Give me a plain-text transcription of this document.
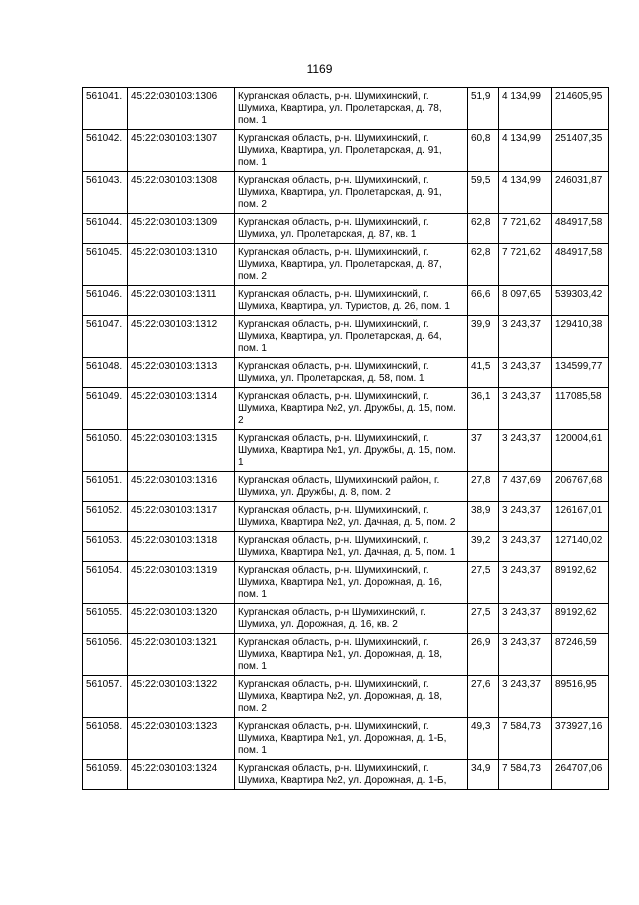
1169
561041.	45:22:030103:1306	Курганская область, р-н. Шумихинский, г. Шумиха, Квартира, ул. Пролетарская, д. 78, пом. 1	51,9	4 134,99	214605,95
561042.	45:22:030103:1307	Курганская область, р-н. Шумихинский, г. Шумиха, Квартира, ул. Пролетарская, д. 91, пом. 1	60,8	4 134,99	251407,35
561043.	45:22:030103:1308	Курганская область, р-н. Шумихинский, г. Шумиха, Квартира, ул. Пролетарская, д. 91, пом. 2	59,5	4 134,99	246031,87
561044.	45:22:030103:1309	Курганская область, р-н. Шумихинский, г. Шумиха, ул. Пролетарская, д. 87, кв. 1	62,8	7 721,62	484917,58
561045.	45:22:030103:1310	Курганская область, р-н. Шумихинский, г. Шумиха, Квартира, ул. Пролетарская, д. 87, пом. 2	62,8	7 721,62	484917,58
561046.	45:22:030103:1311	Курганская область, р-н. Шумихинский, г. Шумиха, Квартира, ул. Туристов, д. 26, пом. 1	66,6	8 097,65	539303,42
561047.	45:22:030103:1312	Курганская область, р-н. Шумихинский, г. Шумиха, Квартира, ул. Пролетарская, д. 64, пом. 1	39,9	3 243,37	129410,38
561048.	45:22:030103:1313	Курганская область, р-н. Шумихинский, г. Шумиха, ул. Пролетарская, д. 58, пом. 1	41,5	3 243,37	134599,77
561049.	45:22:030103:1314	Курганская область, р-н. Шумихинский, г. Шумиха, Квартира №2, ул. Дружбы, д. 15, пом. 2	36,1	3 243,37	117085,58
561050.	45:22:030103:1315	Курганская область, р-н. Шумихинский, г. Шумиха, Квартира №1, ул. Дружбы, д. 15, пом. 1	37	3 243,37	120004,61
561051.	45:22:030103:1316	Курганская область, Шумихинский район, г. Шумиха, ул. Дружбы, д. 8, пом. 2	27,8	7 437,69	206767,68
561052.	45:22:030103:1317	Курганская область, р-н. Шумихинский, г. Шумиха, Квартира №2, ул. Дачная, д. 5, пом. 2	38,9	3 243,37	126167,01
561053.	45:22:030103:1318	Курганская область, р-н. Шумихинский, г. Шумиха, Квартира №1, ул. Дачная, д. 5, пом. 1	39,2	3 243,37	127140,02
561054.	45:22:030103:1319	Курганская область, р-н. Шумихинский, г. Шумиха, Квартира №1, ул. Дорожная, д. 16, пом. 1	27,5	3 243,37	89192,62
561055.	45:22:030103:1320	Курганская область, р-н Шумихинский, г. Шумиха, ул. Дорожная, д. 16, кв. 2	27,5	3 243,37	89192,62
561056.	45:22:030103:1321	Курганская область, р-н. Шумихинский, г. Шумиха, Квартира №1, ул. Дорожная, д. 18, пом. 1	26,9	3 243,37	87246,59
561057.	45:22:030103:1322	Курганская область, р-н. Шумихинский, г. Шумиха, Квартира №2, ул. Дорожная, д. 18, пом. 2	27,6	3 243,37	89516,95
561058.	45:22:030103:1323	Курганская область, р-н. Шумихинский, г. Шумиха, Квартира №1, ул. Дорожная, д. 1-Б, пом. 1	49,3	7 584,73	373927,16
561059.	45:22:030103:1324	Курганская область, р-н. Шумихинский, г. Шумиха, Квартира №2, ул. Дорожная, д. 1-Б,	34,9	7 584,73	264707,06
